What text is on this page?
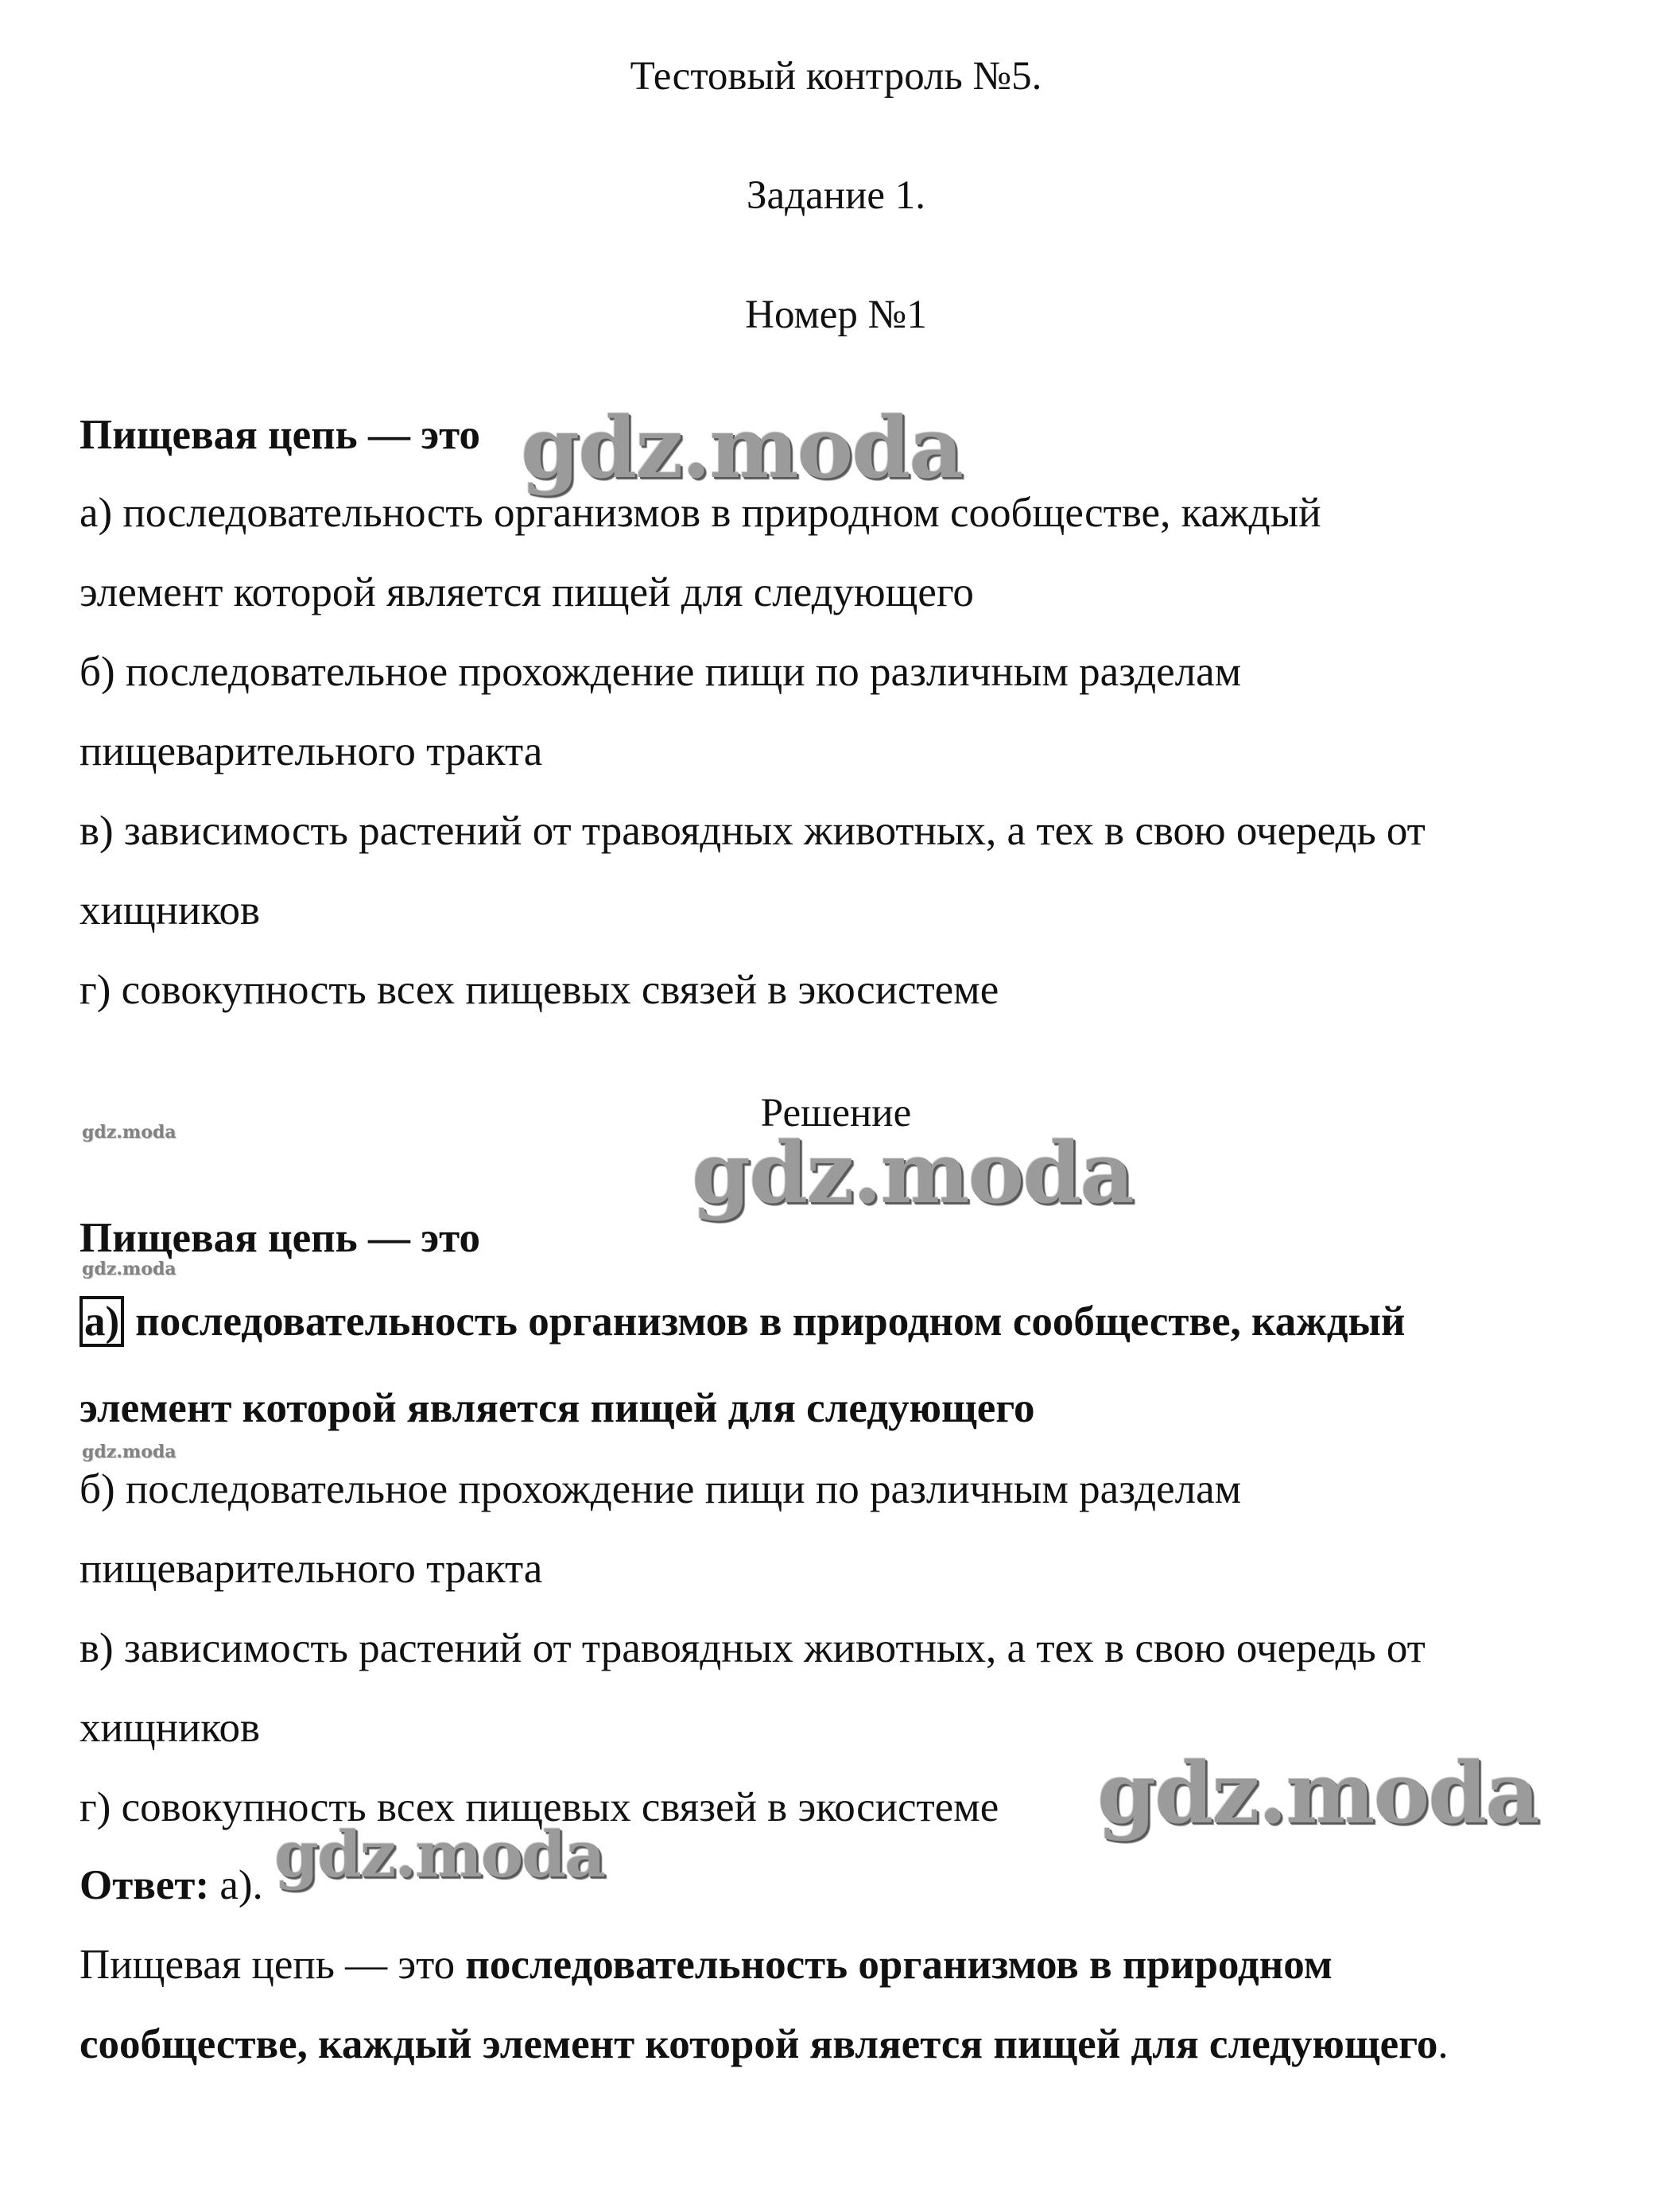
Тестовый контроль №5.
Задание 1.
Номер №1
Пищевая цепь — это
а) последовательность организмов в природном сообществе, каждый
элемент которой является пищей для следующего
б) последовательное прохождение пищи по различным разделам
пищеварительного тракта
в) зависимость растений от травоядных животных, а тех в свою очередь от
хищников
г) совокупность всех пищевых связей в экосистеме
Решение
Пищевая цепь — это
а) последовательность организмов в природном сообществе, каждый
элемент которой является пищей для следующего
б) последовательное прохождение пищи по различным разделам
пищеварительного тракта
в) зависимость растений от травоядных животных, а тех в свою очередь от
хищников
г) совокупность всех пищевых связей в экосистеме
Ответ: а).
Пищевая цепь — это последовательность организмов в природном
сообществе, каждый элемент которой является пищей для следующего.
gdz.moda
gdz.moda
gdz.moda
gdz.moda
gdz.moda
gdz.moda
gdz.moda
